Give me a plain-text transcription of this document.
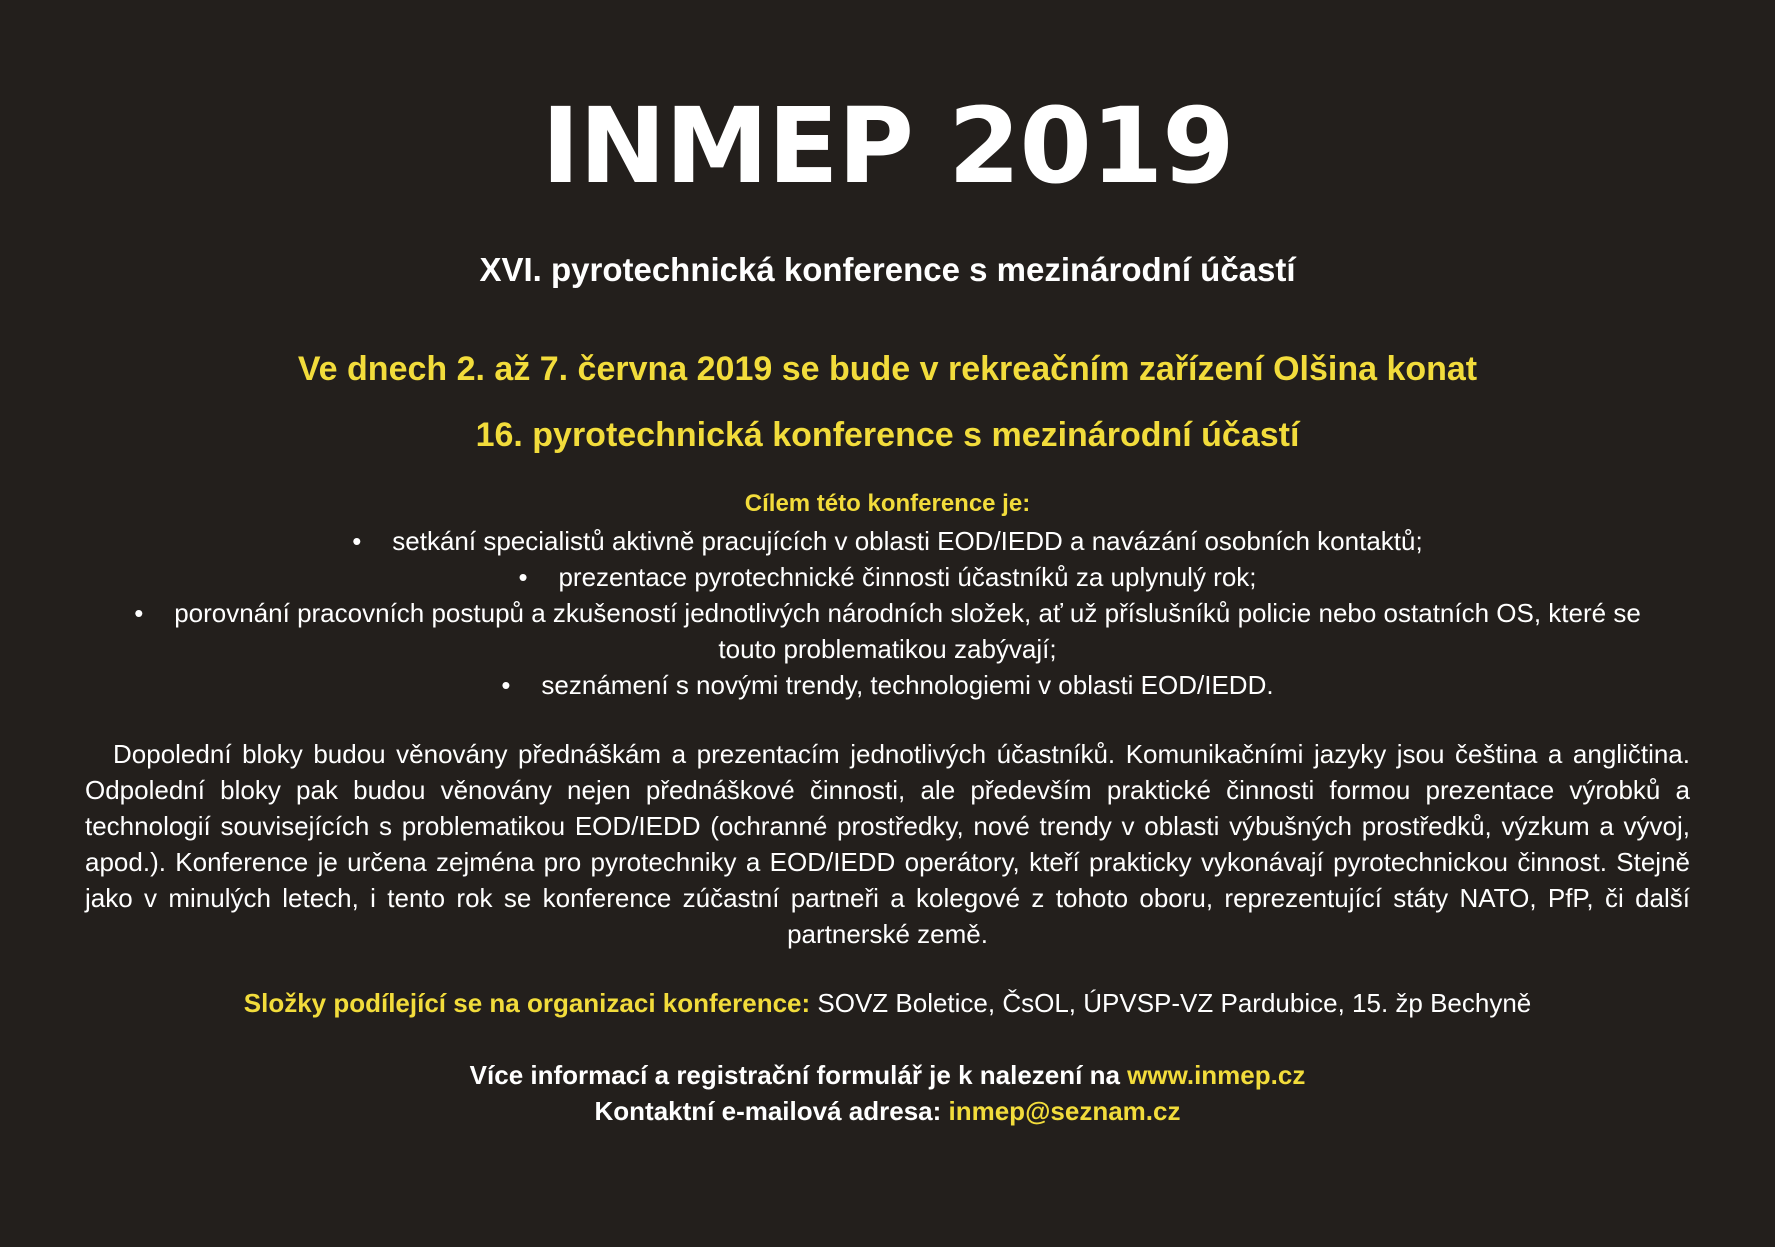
INMEP 2019
XVI. pyrotechnická konference s mezinárodní účastí
Ve dnech 2. až 7. června 2019 se bude v rekreačním zařízení Olšina konat
16. pyrotechnická konference s mezinárodní účastí
Cílem této konference je:
• setkání specialistů aktivně pracujících v oblasti EOD/IEDD a navázání osobních kontaktů;
• prezentace pyrotechnické činnosti účastníků za uplynulý rok;
• porovnání pracovních postupů a zkušeností jednotlivých národních složek, ať už příslušníků policie nebo ostatních OS, které se touto problematikou zabývají;
• seznámení s novými trendy, technologiemi v oblasti EOD/IEDD.

Dopolední bloky budou věnovány přednáškám a prezentacím jednotlivých účastníků. Komunikačními jazyky jsou čeština a angličtina. Odpolední bloky pak budou věnovány nejen přednáškové činnosti, ale především praktické činnosti formou prezentace výrobků a technologií souvisejících s problematikou EOD/IEDD (ochranné prostředky, nové trendy v oblasti výbušných prostředků, výzkum a vývoj, apod.). Konference je určena zejména pro pyrotechniky a EOD/IEDD operátory, kteří prakticky vykonávají pyrotechnickou činnost. Stejně jako v minulých letech, i tento rok se konference zúčastní partneři a kolegové z tohoto oboru, reprezentující státy NATO, PfP, či další partnerské země.

Složky podílející se na organizaci konference: SOVZ Boletice, ČsOL, ÚPVSP-VZ Pardubice, 15. žp Bechyně
Více informací a registrační formulář je k nalezení na www.inmep.cz
Kontaktní e-mailová adresa: inmep@seznam.cz
